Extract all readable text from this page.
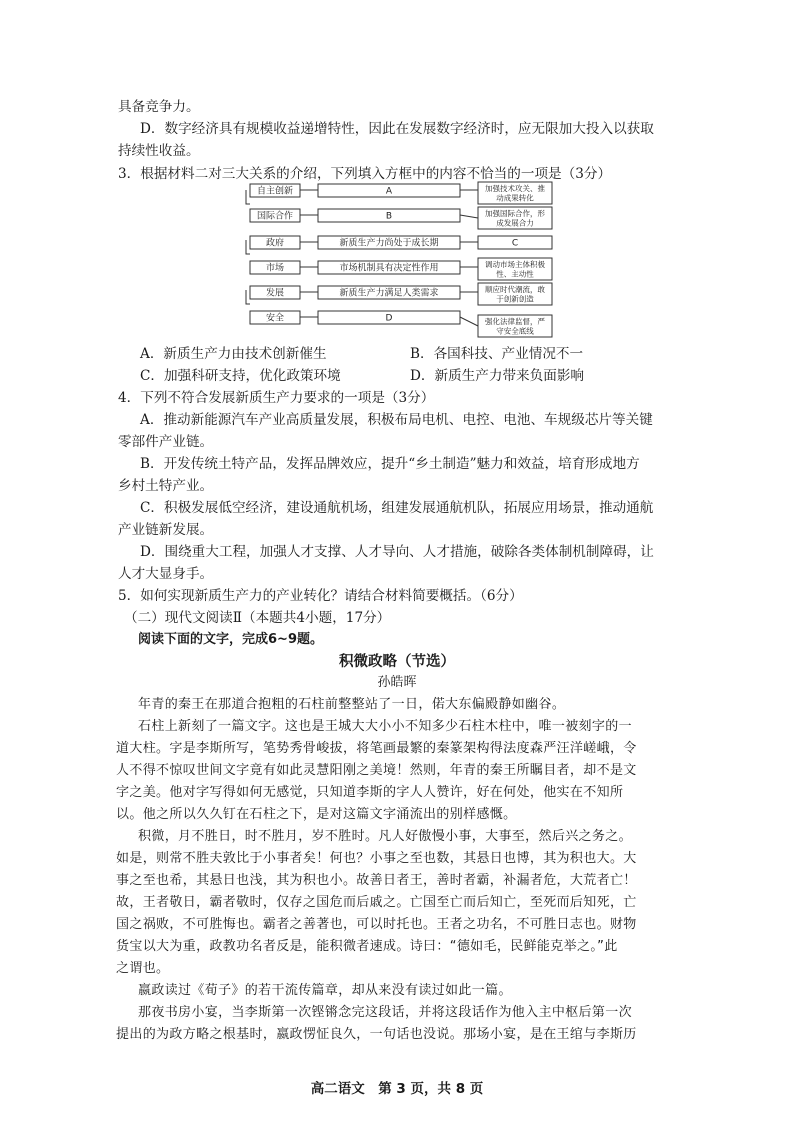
具备竞争力。
D．数字经济具有规模收益递增特性，因此在发展数字经济时，应无限加大投入以获取
持续性收益。
3．根据材料二对三大关系的介绍，下列填入方框中的内容不恰当的一项是（3分）
自主创新	A	加强技术攻关、推
动成果转化
国际合作	B	加强国际合作，形
成发展合力
政府	新质生产力尚处于成长期	C
市场	市场机制具有决定性作用	调动市场主体积极
性、主动性
发展	新质生产力满足人类需求	顺应时代潮流，敢
于创新创造
安全	D	强化法律监督，严
守安全底线
A．新质生产力由技术创新催生	B．各国科技、产业情况不一
C．加强科研支持，优化政策环境	D．新质生产力带来负面影响
4．下列不符合发展新质生产力要求的一项是（3分）
A．推动新能源汽车产业高质量发展，积极布局电机、电控、电池、车规级芯片等关键
零部件产业链。
B．开发传统土特产品，发挥品牌效应，提升“乡土制造”魅力和效益，培育形成地方
乡村土特产业。
C．积极发展低空经济，建设通航机场，组建发展通航机队，拓展应用场景，推动通航
产业链新发展。
D．围绕重大工程，加强人才支撑、人才导向、人才措施，破除各类体制机制障碍，让
人才大显身手。
5．如何实现新质生产力的产业转化？请结合材料简要概括。（6分）
（二）现代文阅读Ⅱ（本题共4小题，17分）
阅读下面的文字，完成6~9题。
积微政略（节选）
孙皓晖
年青的秦王在那道合抱粗的石柱前整整站了一日，偌大东偏殿静如幽谷。
石柱上新刻了一篇文字。这也是王城大大小小不知多少石柱木柱中，唯一被刻字的一
道大柱。字是李斯所写，笔势秀骨峻拔，将笔画最繁的秦篆架构得法度森严汪洋嵯峨，令
人不得不惊叹世间文字竟有如此灵慧阳刚之美境！然则，年青的秦王所瞩目者，却不是文
字之美。他对字写得如何无感觉，只知道李斯的字人人赞许，好在何处，他实在不知所
以。他之所以久久钉在石柱之下，是对这篇文字涌流出的别样感慨。
积微，月不胜日，时不胜月，岁不胜时。凡人好傲慢小事，大事至，然后兴之务之。
如是，则常不胜夫敦比于小事者矣！何也？小事之至也数，其悬日也博，其为积也大。大
事之至也希，其悬日也浅，其为积也小。故善日者王，善时者霸，补漏者危，大荒者亡！
故，王者敬日，霸者敬时，仅存之国危而后戚之。亡国至亡而后知亡，至死而后知死，亡
国之祸败，不可胜悔也。霸者之善著也，可以时托也。王者之功名，不可胜日志也。财物
货宝以大为重，政教功名者反是，能积微者速成。诗曰：“德如毛，民鲜能克举之。”此
之谓也。
嬴政读过《荀子》的若干流传篇章，却从来没有读过如此一篇。
那夜书房小宴，当李斯第一次铿锵念完这段话，并将这段话作为他入主中枢后第一次
提出的为政方略之根基时，嬴政愣怔良久，一句话也没说。那场小宴，是在王绾与李斯历
高二语文　第 3 页，共 8 页
